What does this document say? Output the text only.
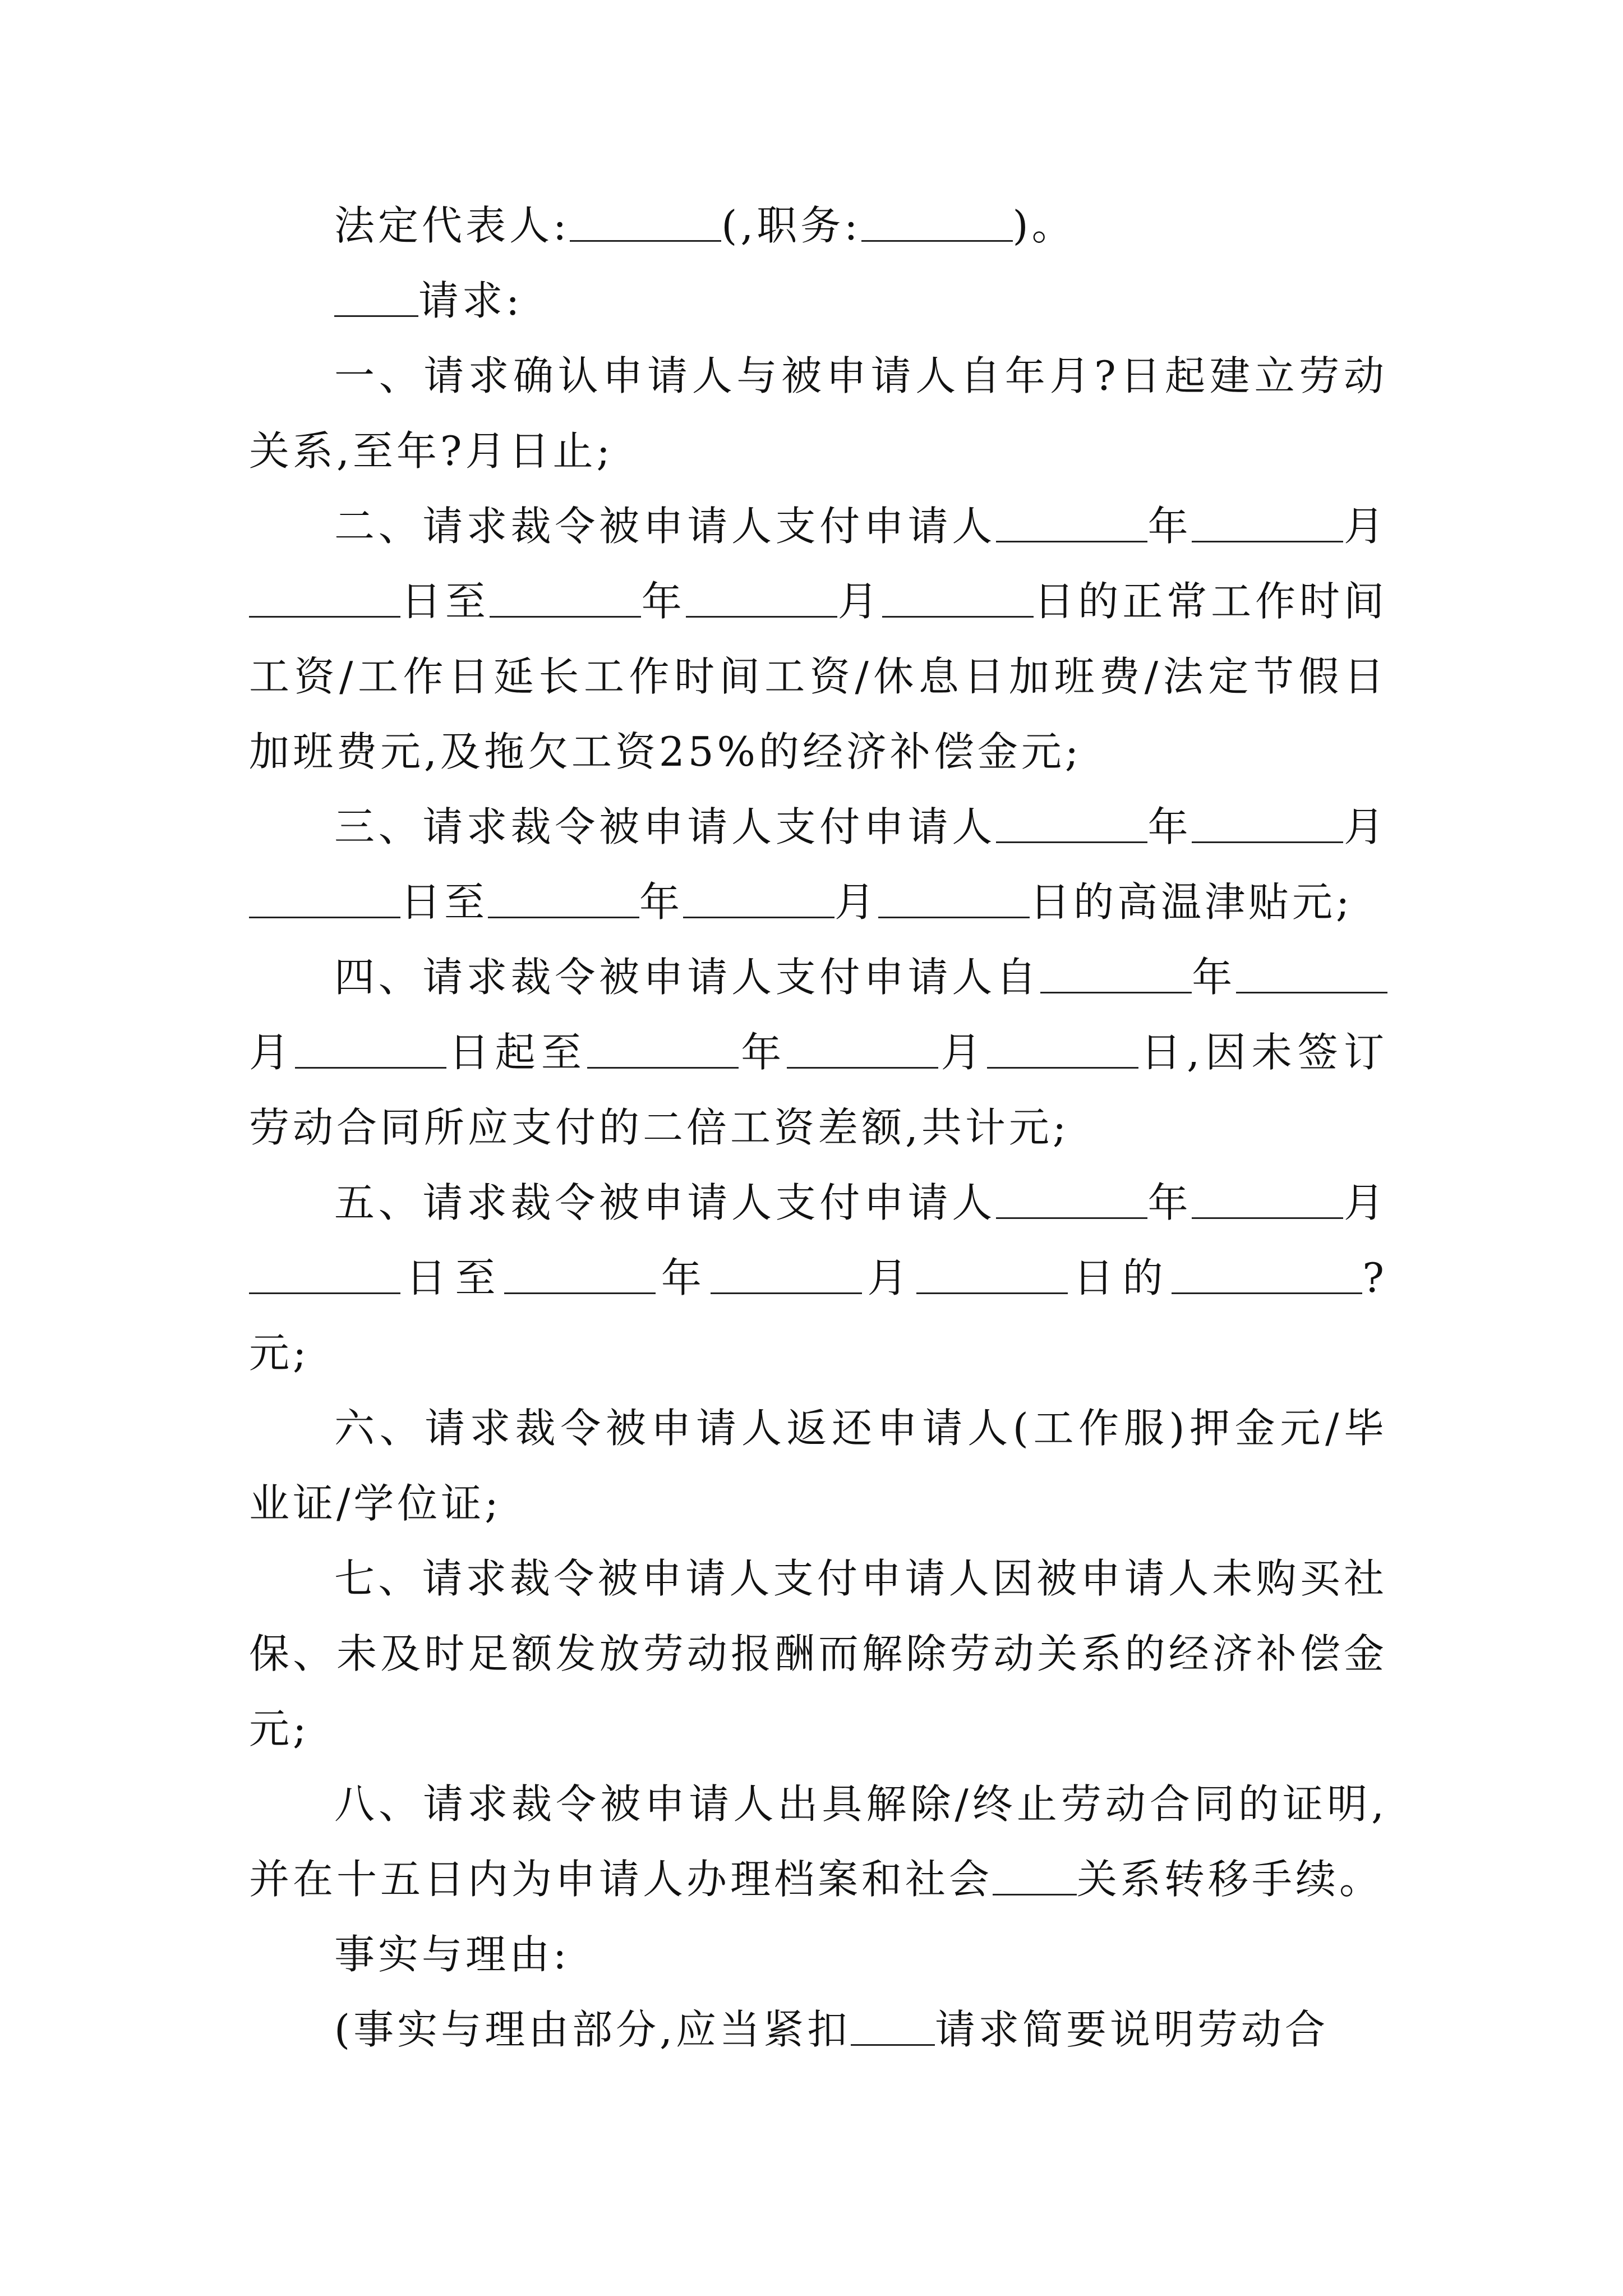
法定代表人:	(,职务:	)。

请求:

一、请求确认申请人与被申请人自年月?日起建立劳动关系,至年?月日止;

二、请求裁令被申请人支付申请人	年	月日至	年	月	日的正常工作时间工资/工作日延长工作时间工资/休息日加班费/法定节假日加班费元,及拖欠工资25%的经济补偿金元;

三、请求裁令被申请人支付申请人	年	月日至	年	月	日的高温津贴元;

四、请求裁令被申请人支付申请人自	年月	日起至	年	月	日,因未签订劳动合同所应支付的二倍工资差额,共计元;

五、请求裁令被申请人支付申请人	年	月日至	年	月	日的	?元;

六、请求裁令被申请人返还申请人(工作服)押金元/毕业证/学位证;

七、请求裁令被申请人支付申请人因被申请人未购买社保、未及时足额发放劳动报酬而解除劳动关系的经济补偿金元;

八、请求裁令被申请人出具解除/终止劳动合同的证明,并在十五日内为申请人办理档案和社会 关系转移手续。

事实与理由:

(事实与理由部分,应当紧扣 请求简要说明劳动合
